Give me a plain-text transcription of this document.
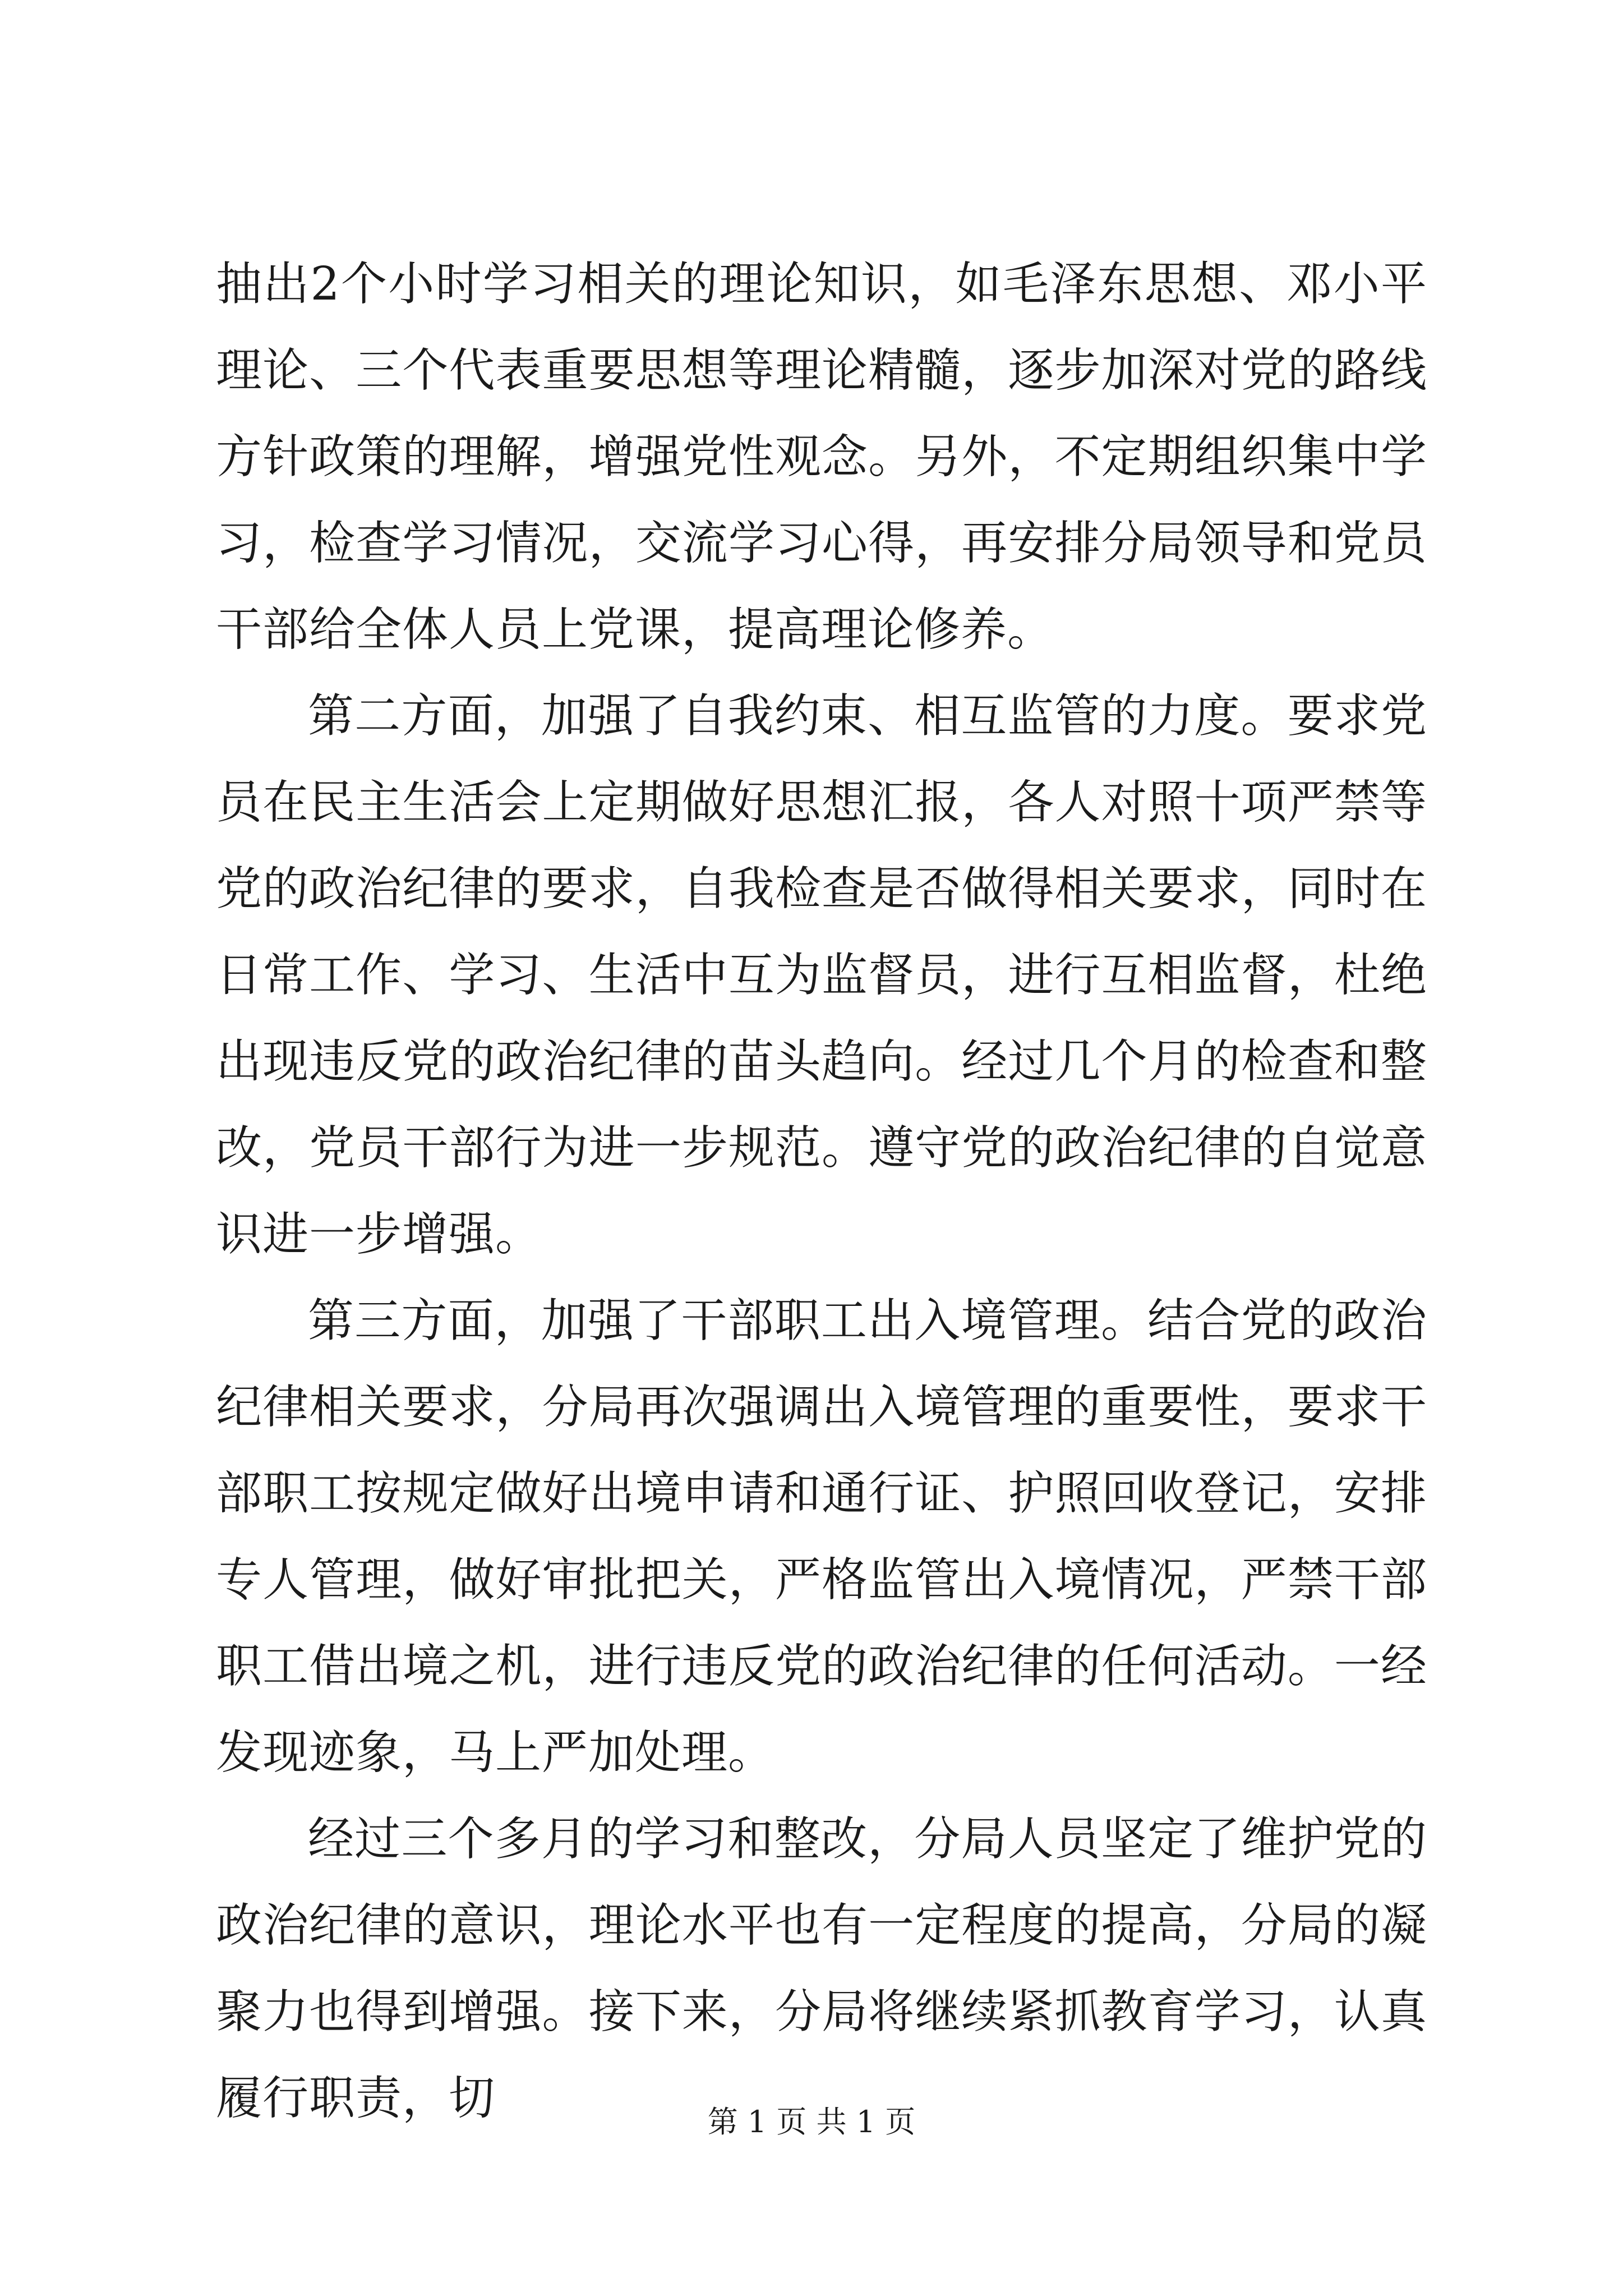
抽出2个小时学习相关的理论知识，如毛泽东思想、邓小平理论、三个代表重要思想等理论精髓，逐步加深对党的路线方针政策的理解，增强党性观念。另外，不定期组织集中学习，检查学习情况，交流学习心得，再安排分局领导和党员干部给全体人员上党课，提高理论修养。

第二方面，加强了自我约束、相互监管的力度。要求党员在民主生活会上定期做好思想汇报，各人对照十项严禁等党的政治纪律的要求，自我检查是否做得相关要求，同时在日常工作、学习、生活中互为监督员，进行互相监督，杜绝出现违反党的政治纪律的苗头趋向。经过几个月的检查和整改，党员干部行为进一步规范。遵守党的政治纪律的自觉意识进一步增强。

第三方面，加强了干部职工出入境管理。结合党的政治纪律相关要求，分局再次强调出入境管理的重要性，要求干部职工按规定做好出境申请和通行证、护照回收登记，安排专人管理，做好审批把关，严格监管出入境情况，严禁干部职工借出境之机，进行违反党的政治纪律的任何活动。一经发现迹象，马上严加处理。

经过三个多月的学习和整改，分局人员坚定了维护党的政治纪律的意识，理论水平也有一定程度的提高，分局的凝聚力也得到增强。接下来，分局将继续紧抓教育学习，认真履行职责，切	第 1 页 共 1 页
